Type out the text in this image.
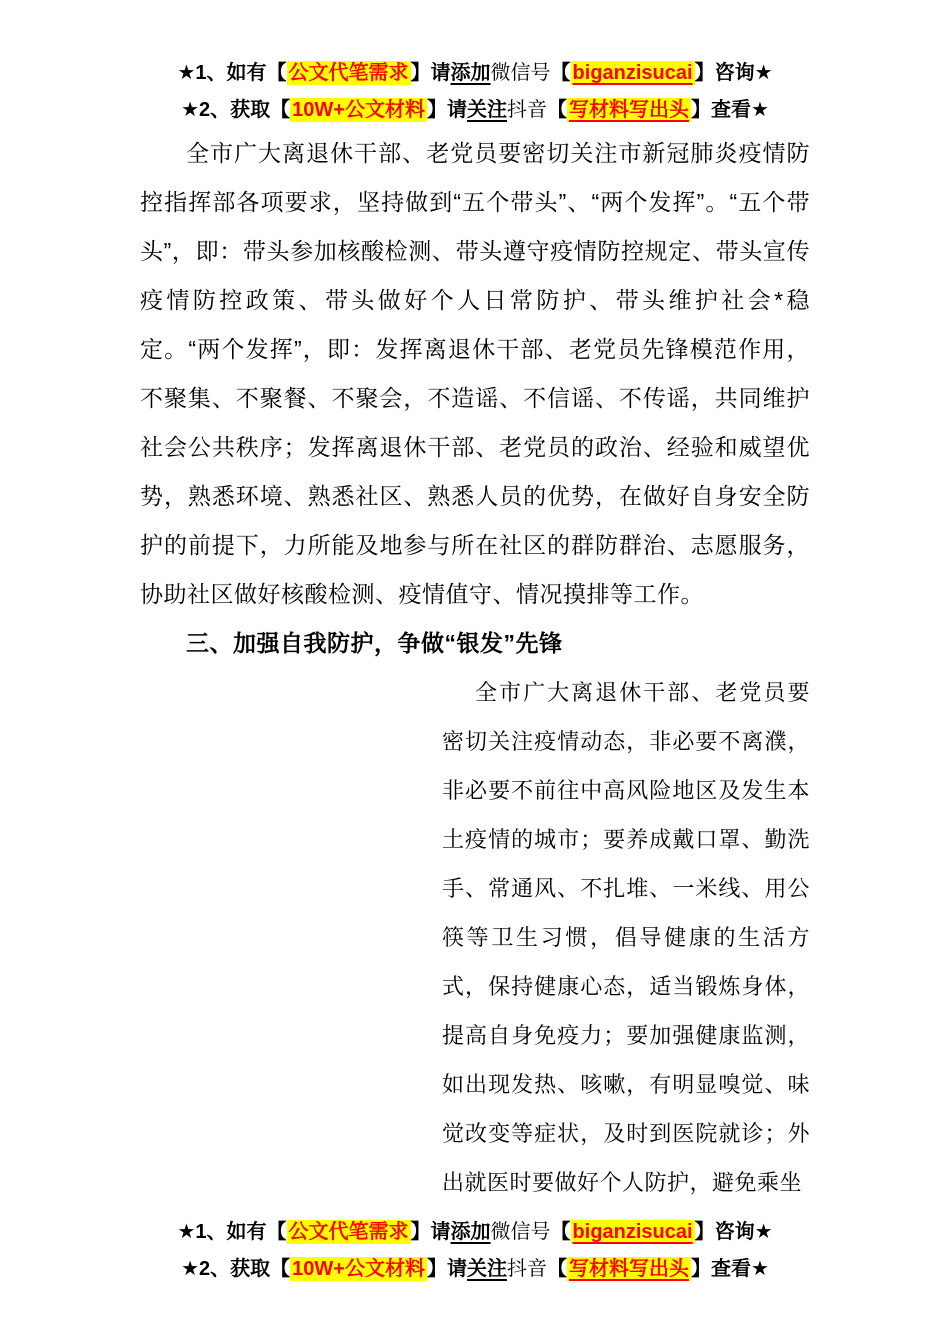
★1、如有【 公文代笔需求 】请添加微信号【 biganzisucai 】咨询★
★2、获取【 10W+公文材料 】请关注抖音【 写材料写出头 】查看★

全市广大离退休干部、老党员要密切关注市新冠肺炎疫情防控指挥部各项要求，坚持做到“五个带头”、“两个发挥”。“五个带头”，即：带头参加核酸检测、带头遵守疫情防控规定、带头宣传疫情防控政策、带头做好个人日常防护、带头维护社会*稳定。“两个发挥”，即：发挥离退休干部、老党员先锋模范作用，不聚集、不聚餐、不聚会，不造谣、不信谣、不传谣，共同维护社会公共秩序；发挥离退休干部、老党员的政治、经验和威望优势，熟悉环境、熟悉社区、熟悉人员的优势，在做好自身安全防护的前提下，力所能及地参与所在社区的群防群治、志愿服务，协助社区做好核酸检测、疫情值守、情况摸排等工作。

三、加强自我防护，争做“银发”先锋

全市广大离退休干部、老党员要密切关注疫情动态，非必要不离濮，非必要不前往中高风险地区及发生本土疫情的城市；要养成戴口罩、勤洗手、常通风、不扎堆、一米线、用公筷等卫生习惯，倡导健康的生活方式，保持健康心态，适当锻炼身体，提高自身免疫力；要加强健康监测，如出现发热、咳嗽，有明显嗅觉、味觉改变等症状，及时到医院就诊；外出就医时要做好个人防护，避免乘坐

★1、如有【 公文代笔需求 】请添加微信号【 biganzisucai 】咨询★
★2、获取【 10W+公文材料 】请关注抖音【 写材料写出头 】查看★
